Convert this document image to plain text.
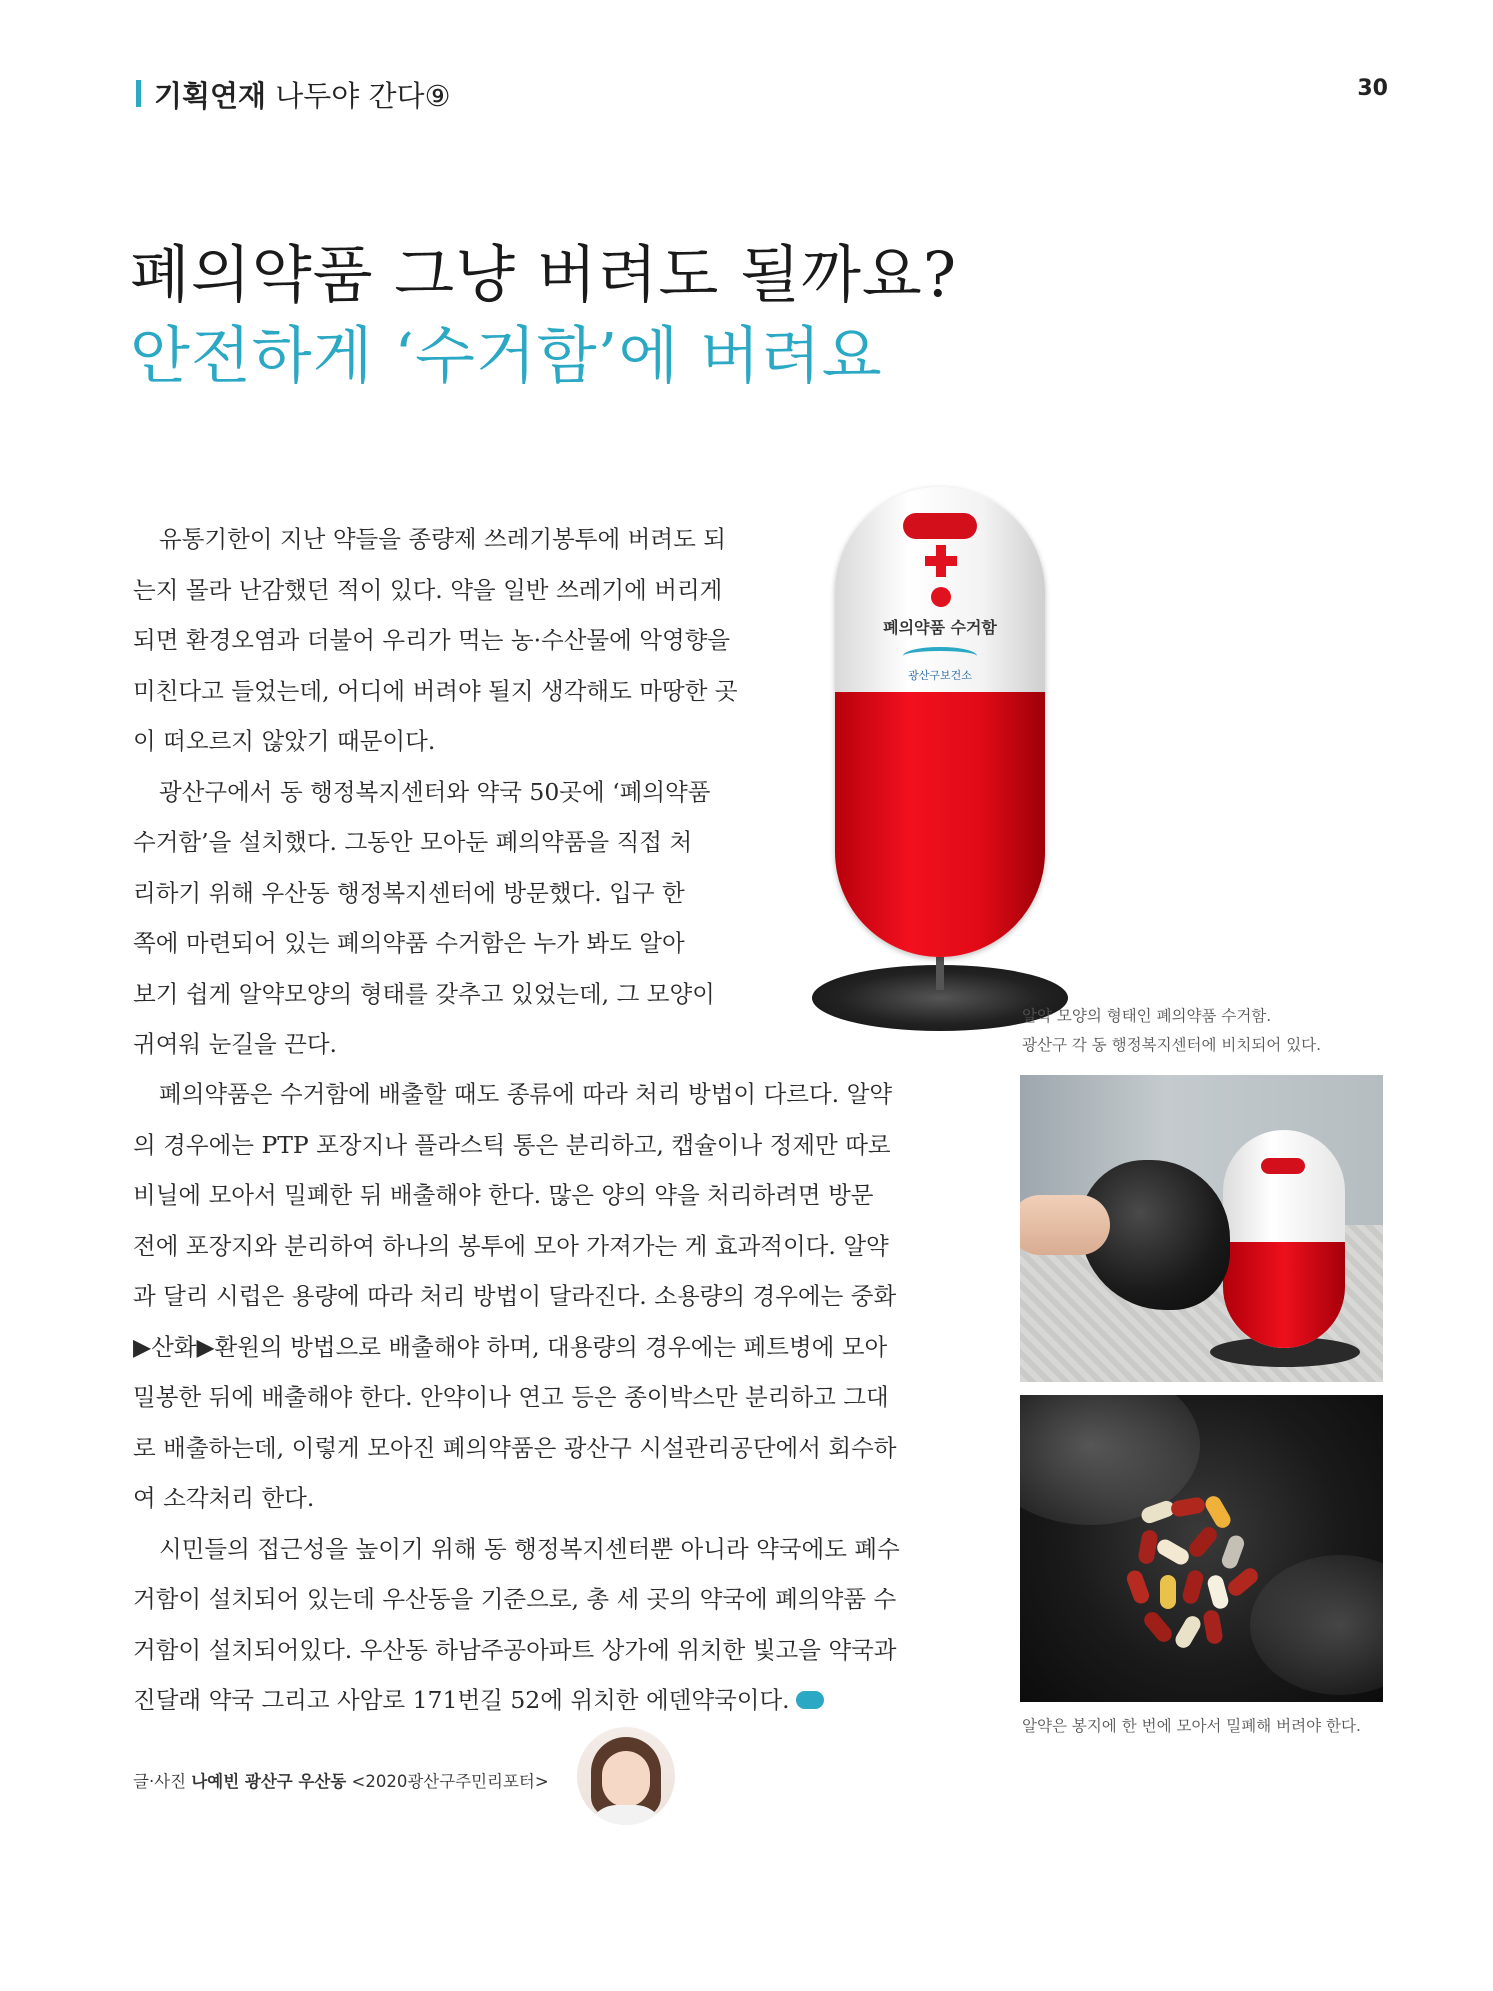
기획연재 나두야 간다⑨	30
폐의약품 그냥 버려도 될까요?
안전하게 ‘수거함’에 버려요
유통기한이 지난 약들을 종량제 쓰레기봉투에 버려도 되
는지 몰라 난감했던 적이 있다. 약을 일반 쓰레기에 버리게
되면 환경오염과 더불어 우리가 먹는 농·수산물에 악영향을
미친다고 들었는데, 어디에 버려야 될지 생각해도 마땅한 곳
이 떠오르지 않았기 때문이다.
광산구에서 동 행정복지센터와 약국 50곳에 ‘폐의약품
수거함’을 설치했다. 그동안 모아둔 폐의약품을 직접 처
리하기 위해 우산동 행정복지센터에 방문했다. 입구 한
쪽에 마련되어 있는 폐의약품 수거함은 누가 봐도 알아
보기 쉽게 알약모양의 형태를 갖추고 있었는데, 그 모양이
귀여워 눈길을 끈다.
폐의약품은 수거함에 배출할 때도 종류에 따라 처리 방법이 다르다. 알약
의 경우에는 PTP 포장지나 플라스틱 통은 분리하고, 캡슐이나 정제만 따로
비닐에 모아서 밀폐한 뒤 배출해야 한다. 많은 양의 약을 처리하려면 방문
전에 포장지와 분리하여 하나의 봉투에 모아 가져가는 게 효과적이다. 알약
과 달리 시럽은 용량에 따라 처리 방법이 달라진다. 소용량의 경우에는 중화
▶산화▶환원의 방법으로 배출해야 하며, 대용량의 경우에는 페트병에 모아
밀봉한 뒤에 배출해야 한다. 안약이나 연고 등은 종이박스만 분리하고 그대
로 배출하는데, 이렇게 모아진 폐의약품은 광산구 시설관리공단에서 회수하
여 소각처리 한다.
시민들의 접근성을 높이기 위해 동 행정복지센터뿐 아니라 약국에도 폐수
거함이 설치되어 있는데 우산동을 기준으로, 총 세 곳의 약국에 폐의약품 수
거함이 설치되어있다. 우산동 하남주공아파트 상가에 위치한 빛고을 약국과
진달래 약국 그리고 사암로 171번길 52에 위치한 에덴약국이다.
폐의약품 수거함
광산구보건소
알약 모양의 형태인 폐의약품 수거함.
광산구 각 동 행정복지센터에 비치되어 있다.
알약은 봉지에 한 번에 모아서 밀폐해 버려야 한다.
글·사진 나예빈 광산구 우산동 <2020광산구주민리포터>
